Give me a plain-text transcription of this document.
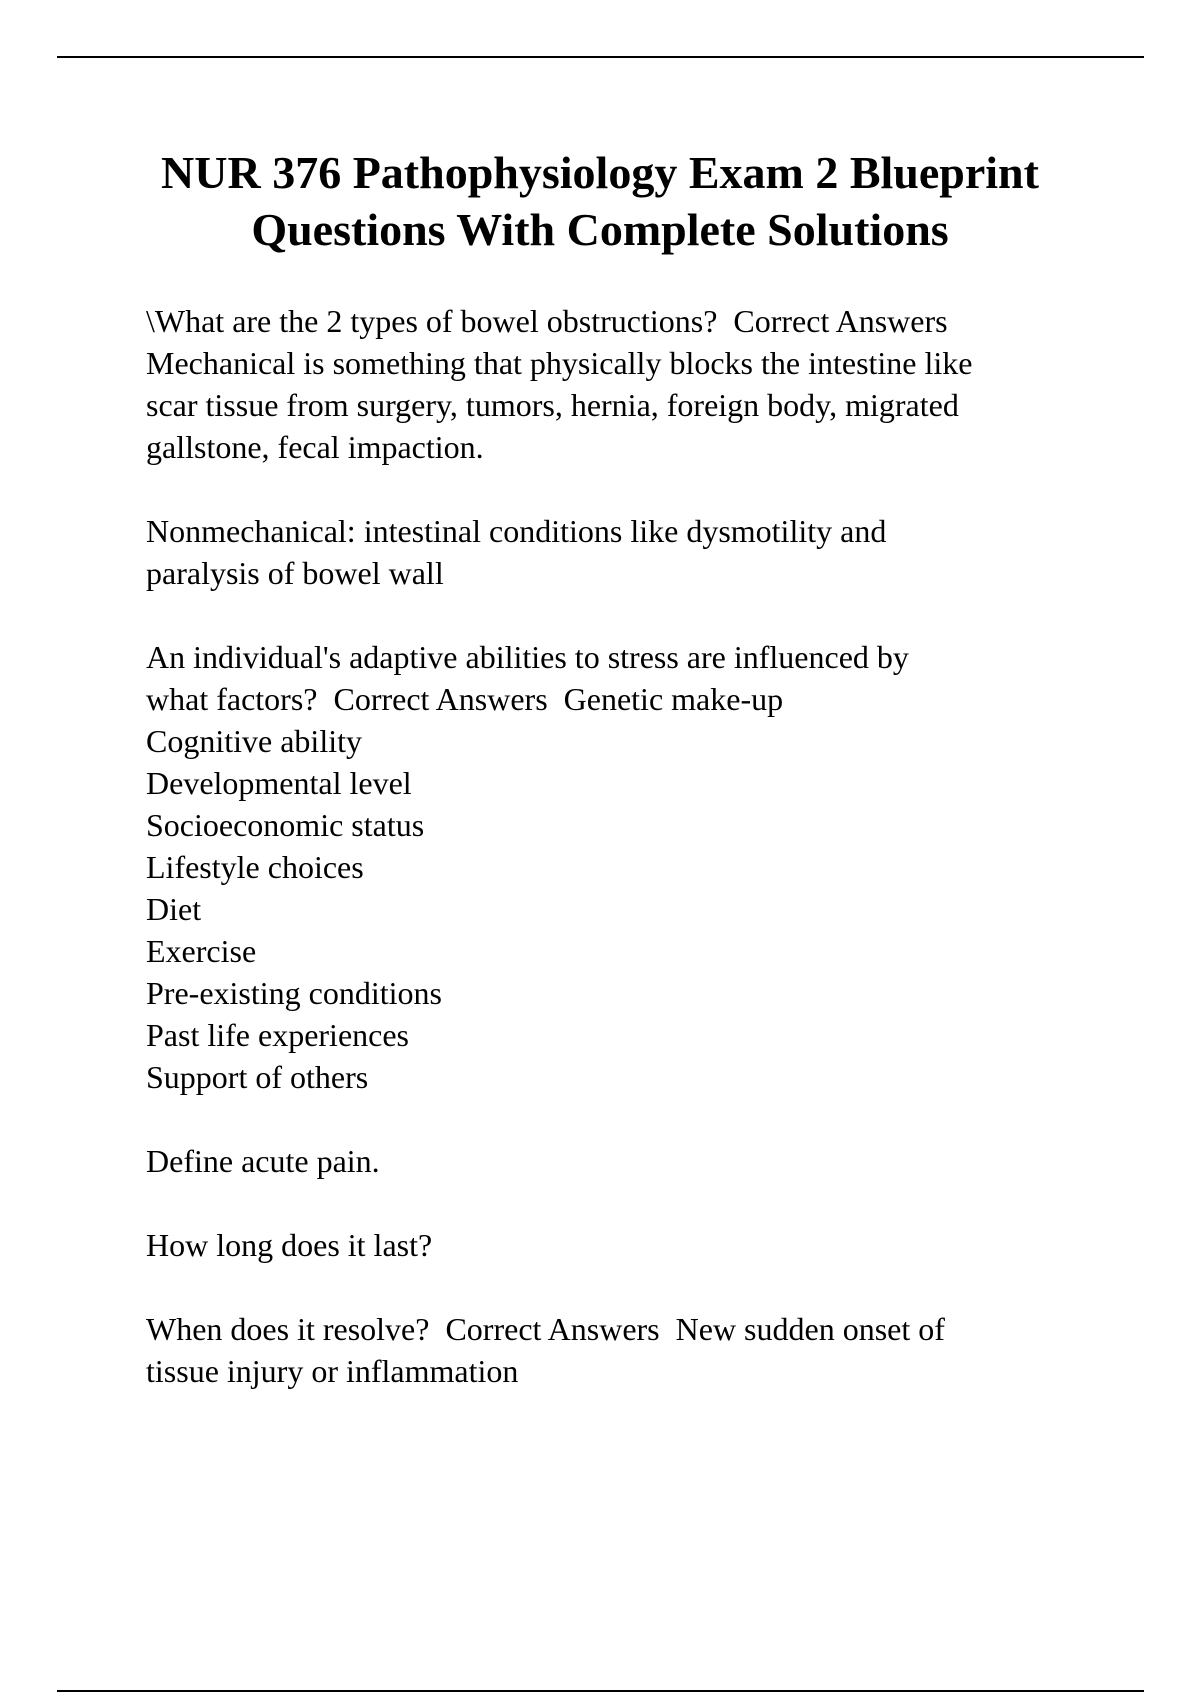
NUR 376 Pathophysiology Exam 2 Blueprint
Questions With Complete Solutions

\What are the 2 types of bowel obstructions?  Correct Answers
Mechanical is something that physically blocks the intestine like
scar tissue from surgery, tumors, hernia, foreign body, migrated
gallstone, fecal impaction.

Nonmechanical: intestinal conditions like dysmotility and
paralysis of bowel wall

An individual's adaptive abilities to stress are influenced by
what factors?  Correct Answers  Genetic make-up
Cognitive ability
Developmental level
Socioeconomic status
Lifestyle choices
Diet
Exercise
Pre-existing conditions
Past life experiences
Support of others

Define acute pain.

How long does it last?

When does it resolve?  Correct Answers  New sudden onset of
tissue injury or inflammation
